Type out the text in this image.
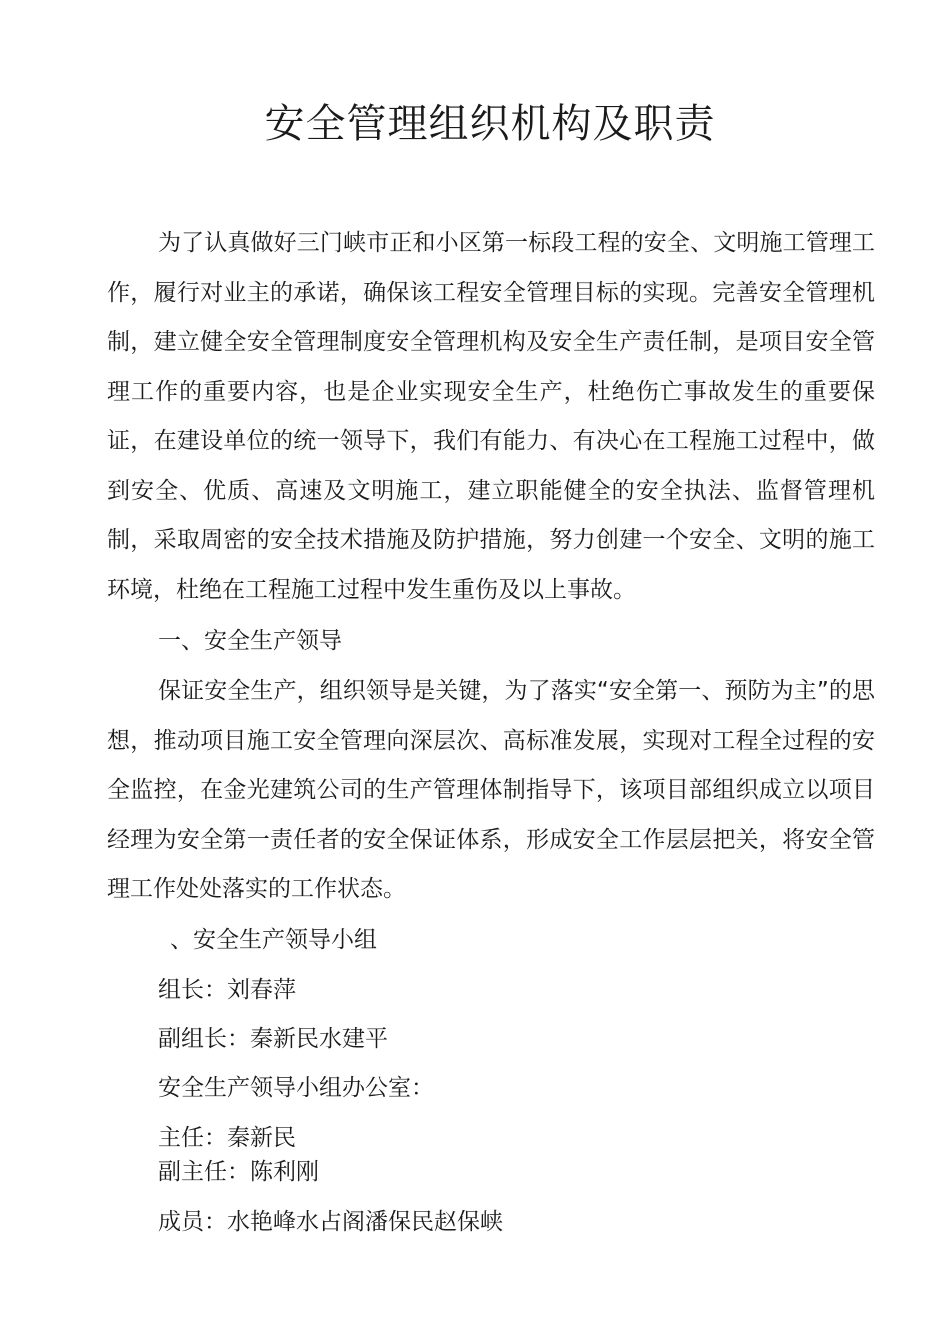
安全管理组织机构及职责

为了认真做好三门峡市正和小区第一标段工程的安全、文明施工管理工作，履行对业主的承诺，确保该工程安全管理目标的实现。完善安全管理机制，建立健全安全管理制度安全管理机构及安全生产责任制，是项目安全管理工作的重要内容，也是企业实现安全生产，杜绝伤亡事故发生的重要保证，在建设单位的统一领导下，我们有能力、有决心在工程施工过程中，做到安全、优质、高速及文明施工，建立职能健全的安全执法、监督管理机制，采取周密的安全技术措施及防护措施，努力创建一个安全、文明的施工环境，杜绝在工程施工过程中发生重伤及以上事故。

一、安全生产领导

保证安全生产，组织领导是关键，为了落实“安全第一、预防为主”的思想，推动项目施工安全管理向深层次、高标准发展，实现对工程全过程的安全监控，在金光建筑公司的生产管理体制指导下，该项目部组织成立以项目经理为安全第一责任者的安全保证体系，形成安全工作层层把关，将安全管理工作处处落实的工作状态。

、安全生产领导小组
组长：刘春萍
副组长：秦新民水建平
安全生产领导小组办公室：
主任：秦新民
副主任：陈利刚
成员：水艳峰水占阁潘保民赵保峡
